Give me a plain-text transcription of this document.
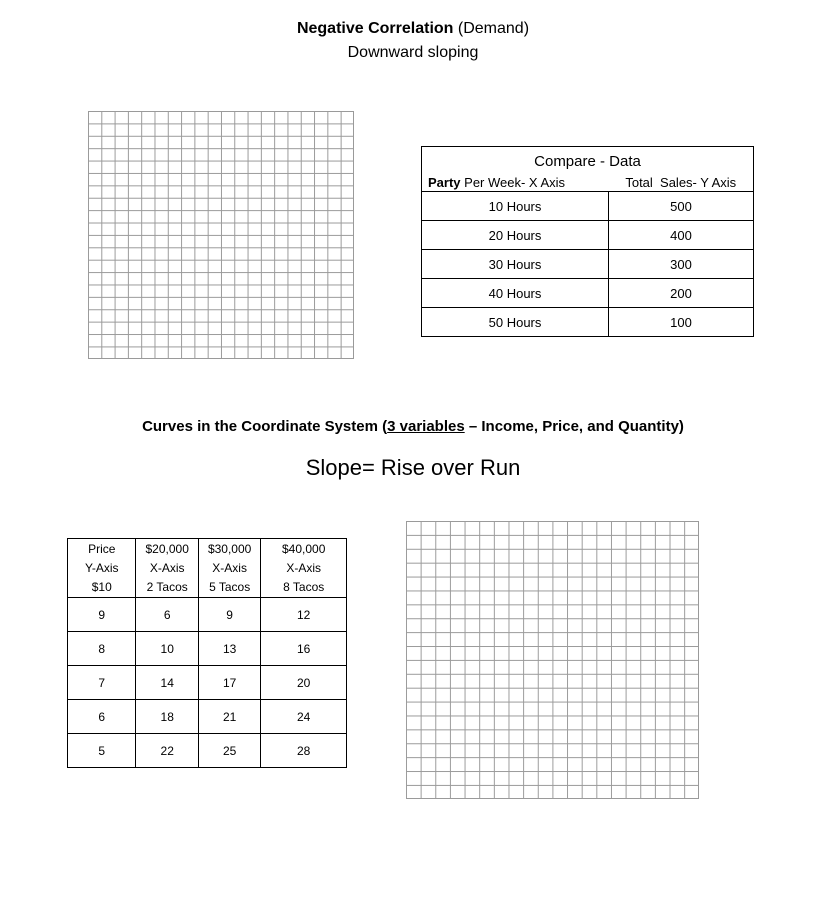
Negative Correlation (Demand)
Downward sloping
Compare - Data	
Party Per Week- X Axis	Total  Sales- Y Axis
10 Hours	500
20 Hours	400
30 Hours	300
40 Hours	200
50 Hours	100
Curves in the Coordinate System (3 variables – Income, Price, and Quantity)
Slope= Rise over Run
Price	$20,000	$30,000	$40,000
Y-Axis	X-Axis	X-Axis	X-Axis
$10	2 Tacos	5 Tacos	8 Tacos
9	6	9	12
8	10	13	16
7	14	17	20
6	18	21	24
5	22	25	28
